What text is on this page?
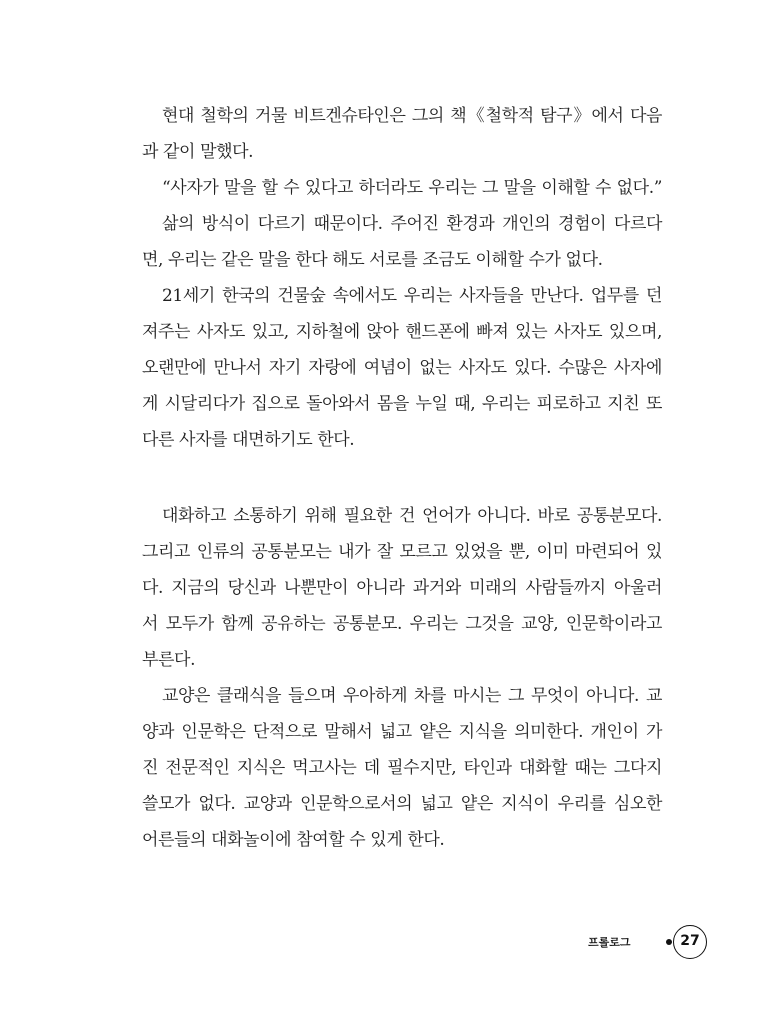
현대 철학의 거물 비트겐슈타인은 그의 책《철학적 탐구》에서 다음
과 같이 말했다.
“사자가 말을 할 수 있다고 하더라도 우리는 그 말을 이해할 수 없다.”
삶의 방식이 다르기 때문이다. 주어진 환경과 개인의 경험이 다르다
면, 우리는 같은 말을 한다 해도 서로를 조금도 이해할 수가 없다.
21세기 한국의 건물숲 속에서도 우리는 사자들을 만난다. 업무를 던
져주는 사자도 있고, 지하철에 앉아 핸드폰에 빠져 있는 사자도 있으며,
오랜만에 만나서 자기 자랑에 여념이 없는 사자도 있다. 수많은 사자에
게 시달리다가 집으로 돌아와서 몸을 누일 때, 우리는 피로하고 지친 또
다른 사자를 대면하기도 한다.
대화하고 소통하기 위해 필요한 건 언어가 아니다. 바로 공통분모다.
그리고 인류의 공통분모는 내가 잘 모르고 있었을 뿐, 이미 마련되어 있
다. 지금의 당신과 나뿐만이 아니라 과거와 미래의 사람들까지 아울러
서 모두가 함께 공유하는 공통분모. 우리는 그것을 교양, 인문학이라고
부른다.
교양은 클래식을 들으며 우아하게 차를 마시는 그 무엇이 아니다. 교
양과 인문학은 단적으로 말해서 넓고 얕은 지식을 의미한다. 개인이 가
진 전문적인 지식은 먹고사는 데 필수지만, 타인과 대화할 때는 그다지
쓸모가 없다. 교양과 인문학으로서의 넓고 얕은 지식이 우리를 심오한
어른들의 대화놀이에 참여할 수 있게 한다.
프롤로그	27
